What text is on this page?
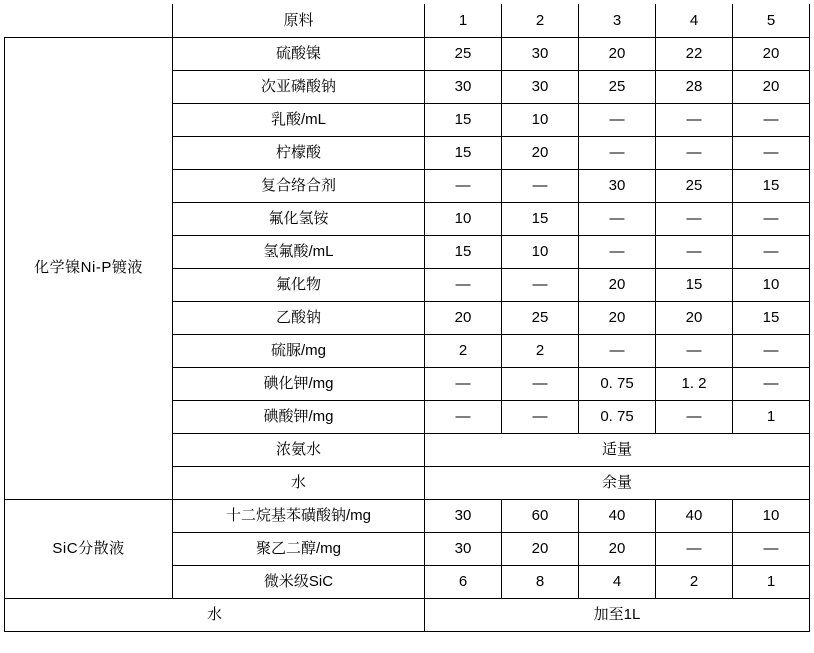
	原料	1	2	3	4	5
化学镍Ni-P镀液	硫酸镍	25	30	20	22	20
	次亚磷酸钠	30	30	25	28	20
	乳酸/mL	15	10	—	—	—
	柠檬酸	15	20	—	—	—
	复合络合剂	—	—	30	25	15
	氟化氢铵	10	15	—	—	—
	氢氟酸/mL	15	10	—	—	—
	氟化物	—	—	20	15	10
	乙酸钠	20	25	20	20	15
	硫脲/mg	2	2	—	—	—
	碘化钾/mg	—	—	0. 75	1. 2	—
	碘酸钾/mg	—	—	0. 75	—	1
	浓氨水	适量				
	水	余量				
SiC分散液	十二烷基苯磺酸钠/mg	30	60	40	40	10
	聚乙二醇/mg	30	20	20	—	—
	微米级SiC	6	8	4	2	1
水		加至1L				
